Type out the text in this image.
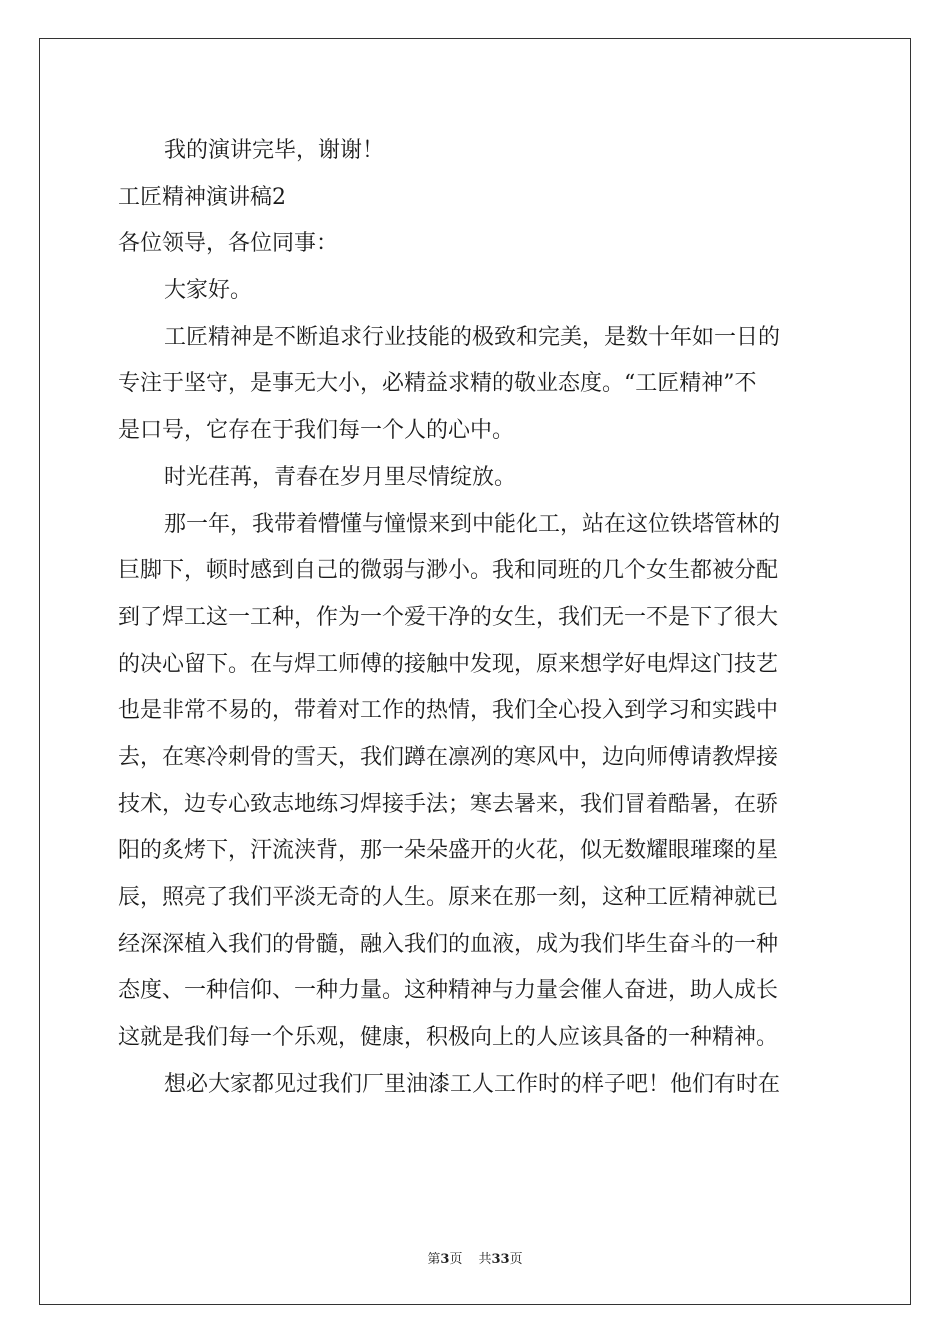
我的演讲完毕，谢谢！
工匠精神演讲稿2
各位领导，各位同事：
大家好。
工匠精神是不断追求行业技能的极致和完美，是数十年如一日的
专注于坚守，是事无大小，必精益求精的敬业态度。“工匠精神”不
是口号，它存在于我们每一个人的心中。
时光荏苒，青春在岁月里尽情绽放。
那一年，我带着懵懂与憧憬来到中能化工，站在这位铁塔管林的
巨脚下，顿时感到自己的微弱与渺小。我和同班的几个女生都被分配
到了焊工这一工种，作为一个爱干净的女生，我们无一不是下了很大
的决心留下。在与焊工师傅的接触中发现，原来想学好电焊这门技艺
也是非常不易的，带着对工作的热情，我们全心投入到学习和实践中
去，在寒冷刺骨的雪天，我们蹲在凛冽的寒风中，边向师傅请教焊接
技术，边专心致志地练习焊接手法；寒去暑来，我们冒着酷暑，在骄
阳的炙烤下，汗流浃背，那一朵朵盛开的火花，似无数耀眼璀璨的星
辰，照亮了我们平淡无奇的人生。原来在那一刻，这种工匠精神就已
经深深植入我们的骨髓，融入我们的血液，成为我们毕生奋斗的一种
态度、一种信仰、一种力量。这种精神与力量会催人奋进，助人成长
这就是我们每一个乐观，健康，积极向上的人应该具备的一种精神。
想必大家都见过我们厂里油漆工人工作时的样子吧！他们有时在
第3页 共33页
